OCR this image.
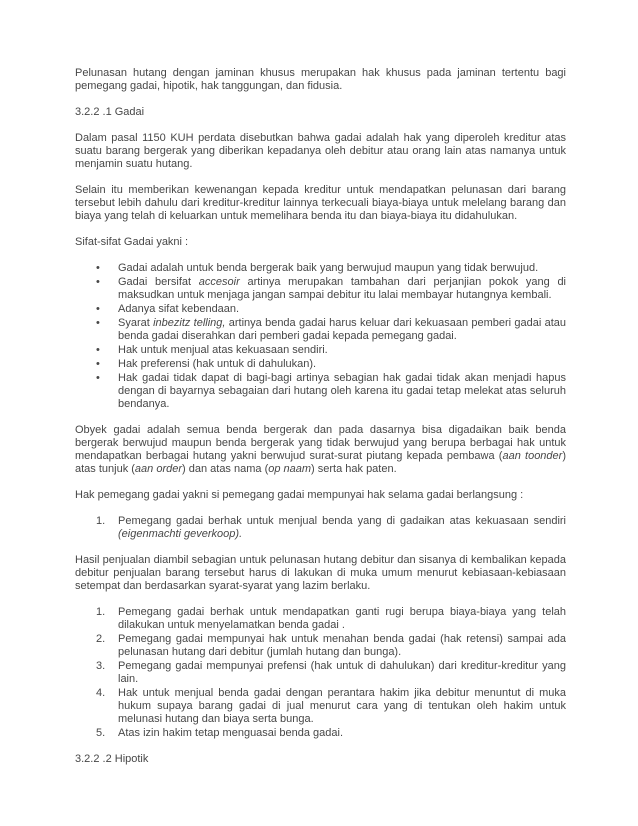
Pelunasan hutang dengan jaminan khusus merupakan hak khusus pada jaminan tertentu bagi pemegang gadai, hipotik, hak tanggungan, dan fidusia.

3.2.2 .1 Gadai

Dalam pasal 1150 KUH perdata disebutkan bahwa gadai adalah hak yang diperoleh kreditur atas suatu barang bergerak yang diberikan kepadanya oleh debitur atau orang lain atas namanya untuk menjamin suatu hutang.

Selain itu memberikan kewenangan kepada kreditur untuk mendapatkan pelunasan dari barang tersebut lebih dahulu dari kreditur-kreditur lainnya terkecuali biaya-biaya untuk melelang barang dan biaya yang telah di keluarkan untuk memelihara benda itu dan biaya-biaya itu didahulukan.

Sifat-sifat Gadai yakni :

• Gadai adalah untuk benda bergerak baik yang berwujud maupun yang tidak berwujud.
• Gadai bersifat accesoir artinya merupakan tambahan dari perjanjian pokok yang di maksudkan untuk menjaga jangan sampai debitur itu lalai membayar hutangnya kembali.
• Adanya sifat kebendaan.
• Syarat inbezitz telling, artinya benda gadai harus keluar dari kekuasaan pemberi gadai atau benda gadai diserahkan dari pemberi gadai kepada pemegang gadai.
• Hak untuk menjual atas kekuasaan sendiri.
• Hak preferensi (hak untuk di dahulukan).
• Hak gadai tidak dapat di bagi-bagi artinya sebagian hak gadai tidak akan menjadi hapus dengan di bayarnya sebagaian dari hutang oleh karena itu gadai tetap melekat atas seluruh bendanya.

Obyek gadai adalah semua benda bergerak dan pada dasarnya bisa digadaikan baik benda bergerak berwujud maupun benda bergerak yang tidak berwujud yang berupa berbagai hak untuk mendapatkan berbagai hutang yakni berwujud surat-surat piutang kepada pembawa (aan toonder) atas tunjuk (aan order) dan atas nama (op naam) serta hak paten.

Hak pemegang gadai yakni si pemegang gadai mempunyai hak selama gadai berlangsung :

1. Pemegang gadai berhak untuk menjual benda yang di gadaikan atas kekuasaan sendiri (eigenmachti geverkoop).

Hasil penjualan diambil sebagian untuk pelunasan hutang debitur dan sisanya di kembalikan kepada debitur penjualan barang tersebut harus di lakukan di muka umum menurut kebiasaan-kebiasaan setempat dan berdasarkan syarat-syarat yang lazim berlaku.

1. Pemegang gadai berhak untuk mendapatkan ganti rugi berupa biaya-biaya yang telah dilakukan untuk menyelamatkan benda gadai .
2. Pemegang gadai mempunyai hak untuk menahan benda gadai (hak retensi) sampai ada pelunasan hutang dari debitur (jumlah hutang dan bunga).
3. Pemegang gadai mempunyai prefensi (hak untuk di dahulukan) dari kreditur-kreditur yang lain.
4. Hak untuk menjual benda gadai dengan perantara hakim jika debitur menuntut di muka hukum supaya barang gadai di jual menurut cara yang di tentukan oleh hakim untuk melunasi hutang dan biaya serta bunga.
5. Atas izin hakim tetap menguasai benda gadai.

3.2.2 .2 Hipotik
